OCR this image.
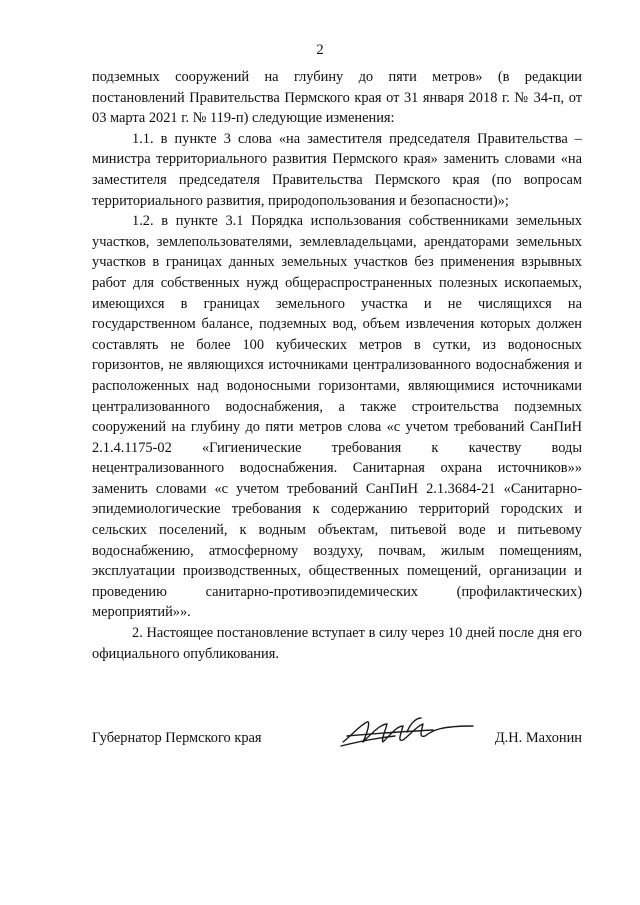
2

подземных сооружений на глубину до пяти метров» (в редакции постановлений Правительства Пермского края от 31 января 2018 г. № 34-п, от 03 марта 2021 г. № 119-п) следующие изменения:

1.1. в пункте 3 слова «на заместителя председателя Правительства – министра территориального развития Пермского края» заменить словами «на заместителя председателя Правительства Пермского края (по вопросам территориального развития, природопользования и безопасности)»;

1.2. в пункте 3.1 Порядка использования собственниками земельных участков, землепользователями, землевладельцами, арендаторами земельных участков в границах данных земельных участков без применения взрывных работ для собственных нужд общераспространенных полезных ископаемых, имеющихся в границах земельного участка и не числящихся на государственном балансе, подземных вод, объем извлечения которых должен составлять не более 100 кубических метров в сутки, из водоносных горизонтов, не являющихся источниками централизованного водоснабжения и расположенных над водоносными горизонтами, являющимися источниками централизованного водоснабжения, а также строительства подземных сооружений на глубину до пяти метров слова «с учетом требований СанПиН 2.1.4.1175-02 «Гигиенические требования к качеству воды нецентрализованного водоснабжения. Санитарная охрана источников»» заменить словами «с учетом требований СанПиН 2.1.3684-21 «Санитарно-эпидемиологические требования к содержанию территорий городских и сельских поселений, к водным объектам, питьевой воде и питьевому водоснабжению, атмосферному воздуху, почвам, жилым помещениям, эксплуатации производственных, общественных помещений, организации и проведению санитарно-противоэпидемических (профилактических) мероприятий»».

2. Настоящее постановление вступает в силу через 10 дней после дня его официального опубликования.

Губернатор Пермского края	Д.Н. Махонин
